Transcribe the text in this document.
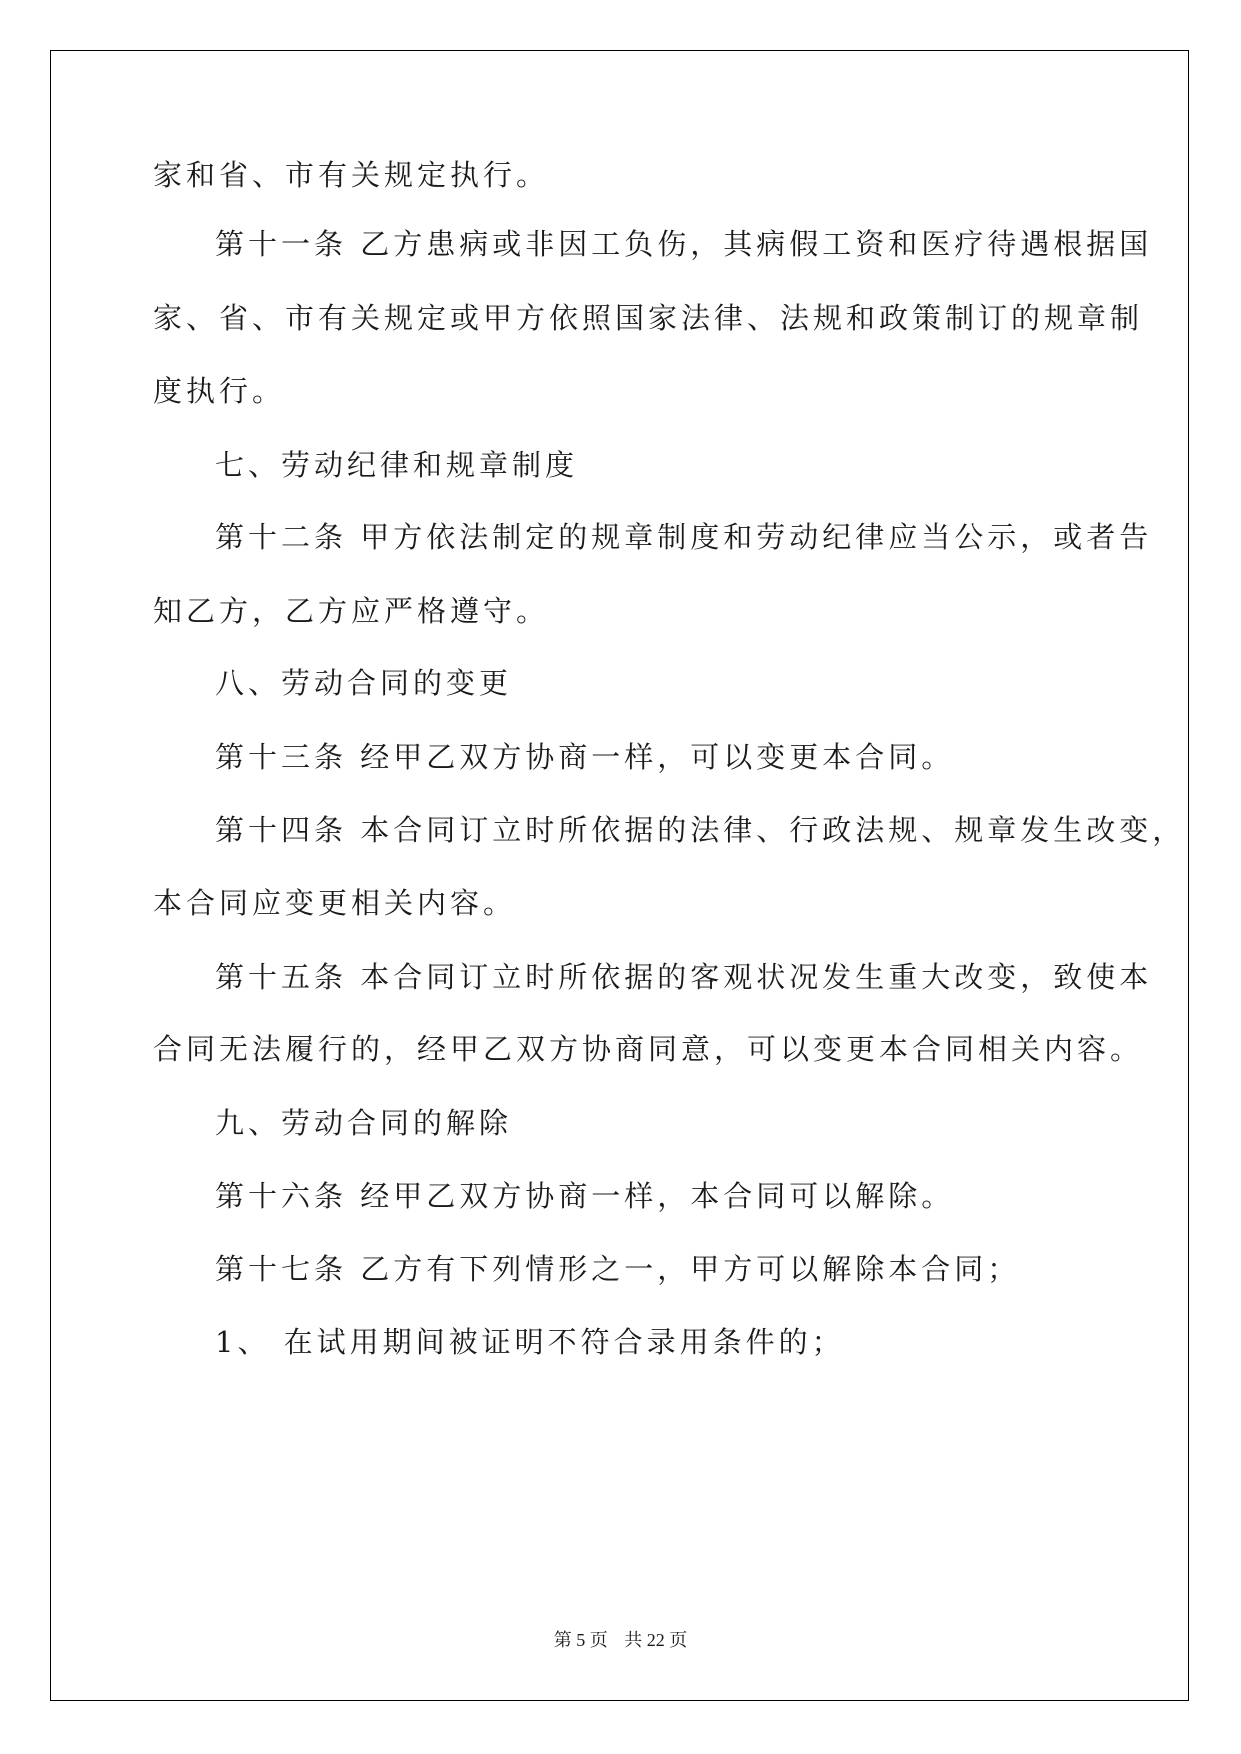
家和省、市有关规定执行。

第十一条 乙方患病或非因工负伤，其病假工资和医疗待遇根据国

家、省、市有关规定或甲方依照国家法律、法规和政策制订的规章制

度执行。

七、劳动纪律和规章制度

第十二条 甲方依法制定的规章制度和劳动纪律应当公示，或者告

知乙方，乙方应严格遵守。

八、劳动合同的变更

第十三条 经甲乙双方协商一样，可以变更本合同。

第十四条 本合同订立时所依据的法律、行政法规、规章发生改变，

本合同应变更相关内容。

第十五条 本合同订立时所依据的客观状况发生重大改变，致使本

合同无法履行的，经甲乙双方协商同意，可以变更本合同相关内容。

九、劳动合同的解除

第十六条 经甲乙双方协商一样，本合同可以解除。

第十七条 乙方有下列情形之一，甲方可以解除本合同；

1、 在试用期间被证明不符合录用条件的；

第 5 页 共 22 页
